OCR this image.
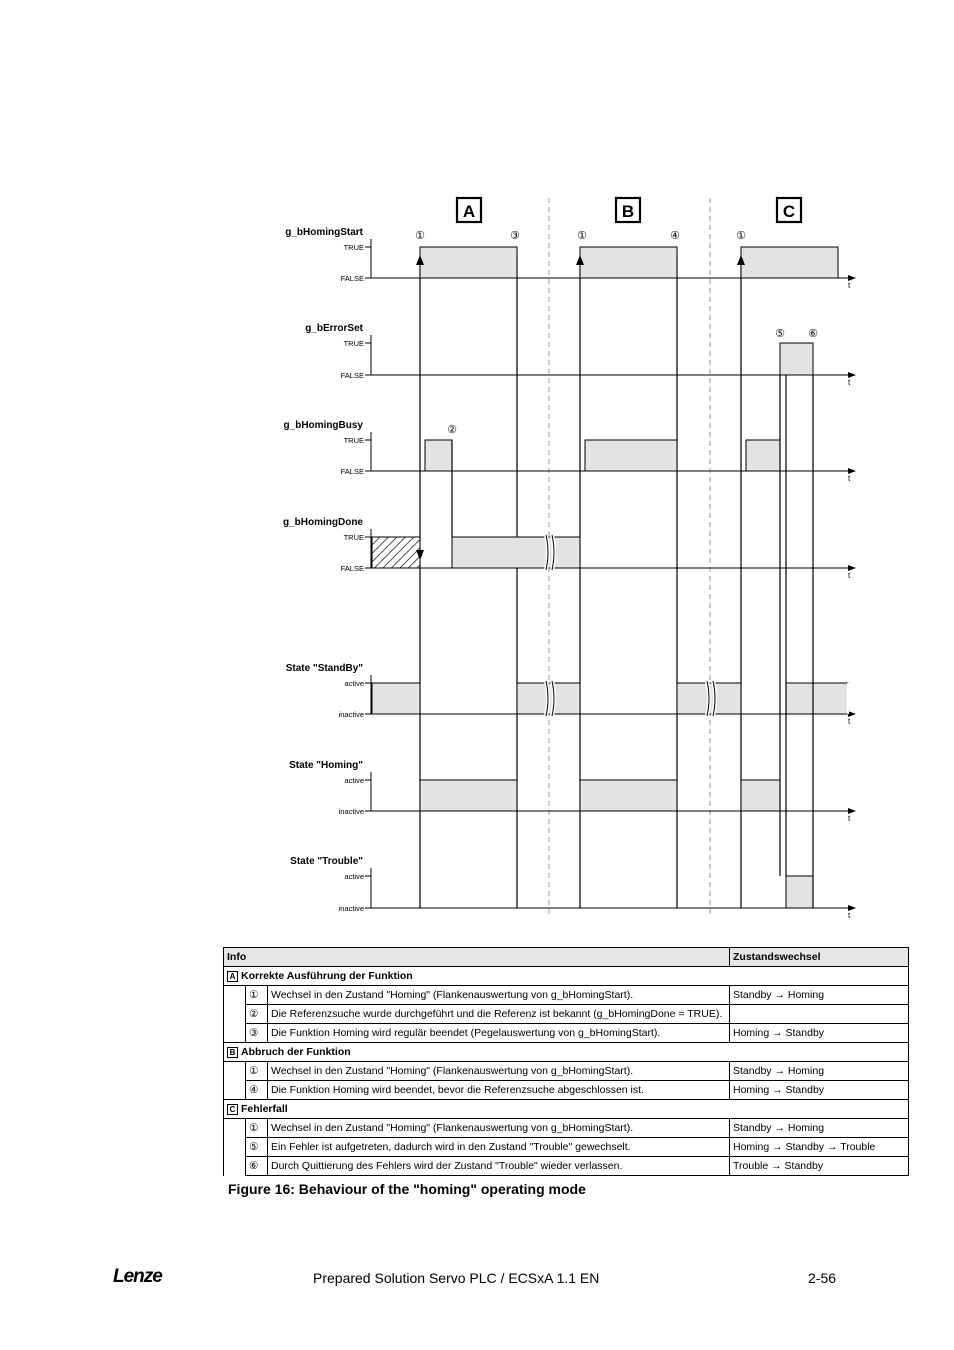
A	B	C
t
g_bHomingStart
TRUE
FALSE
t
g_bErrorSet
TRUE
FALSE
t
g_bHomingBusy
TRUE
FALSE
t
g_bHomingDone
TRUE
FALSE
t
State "StandBy"
active
inactive
t
State "Homing"
active
inactive
t
State "Trouble"
active
inactive
①	③	①	④	①
②
⑤ ⑥
Info			Zustandswechsel
A Korrekte Ausführung der Funktion			
	①	Wechsel in den Zustand "Homing" (Flankenauswertung von g_bHomingStart).	Standby → Homing
	②	Die Referenzsuche wurde durchgeführt und die Referenz ist bekannt (g_bHomingDone = TRUE).	
	③	Die Funktion Homing wird regulär beendet (Pegelauswertung von g_bHomingStart).	Homing → Standby
B Abbruch der Funktion			
	①	Wechsel in den Zustand "Homing" (Flankenauswertung von g_bHomingStart).	Standby → Homing
	④	Die Funktion Homing wird beendet, bevor die Referenzsuche abgeschlossen ist.	Homing → Standby
C Fehlerfall			
	①	Wechsel in den Zustand "Homing" (Flankenauswertung von g_bHomingStart).	Standby → Homing
	⑤	Ein Fehler ist aufgetreten, dadurch wird in den Zustand "Trouble" gewechselt.	Homing → Standby → Trouble
	⑥	Durch Quittierung des Fehlers wird der Zustand "Trouble" wieder verlassen.	Trouble → Standby
Figure 16: Behaviour of the "homing" operating mode
Lenze	Prepared Solution Servo PLC / ECSxA 1.1 EN	2-56
